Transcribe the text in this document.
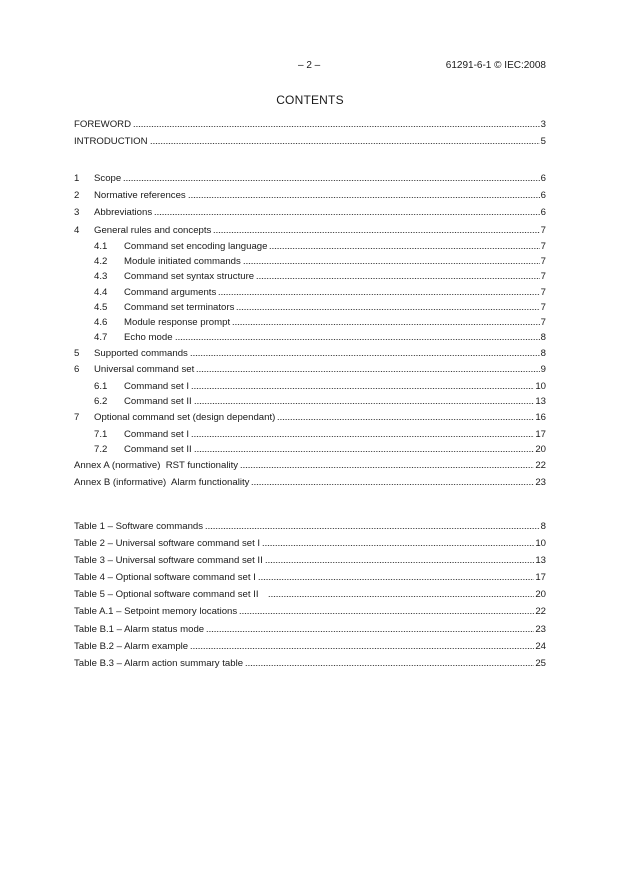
– 2 –	61291-6-1 © IEC:2008
CONTENTS
FOREWORD	3
INTRODUCTION	5
1	Scope	6
2	Normative references	6
3	Abbreviations	6
4	General rules and concepts	7
4.1	Command set encoding language	7
4.2	Module initiated commands	7
4.3	Command set syntax structure	7
4.4	Command arguments	7
4.5	Command set terminators	7
4.6	Module response prompt	7
4.7	Echo mode	8
5	Supported commands	8
6	Universal command set	9
6.1	Command set I	10
6.2	Command set II	13
7	Optional command set (design dependant)	16
7.1	Command set I	17
7.2	Command set II	20
Annex A (normative)  RST functionality	22
Annex B (informative)  Alarm functionality	23
Table 1 – Software commands	8
Table 2 – Universal software command set I	10
Table 3 – Universal software command set II	13
Table 4 – Optional software command set I	17
Table 5 – Optional software command set II	20
Table A.1 – Setpoint memory locations	22
Table B.1 – Alarm status mode	23
Table B.2 – Alarm example	24
Table B.3 – Alarm action summary table	25
